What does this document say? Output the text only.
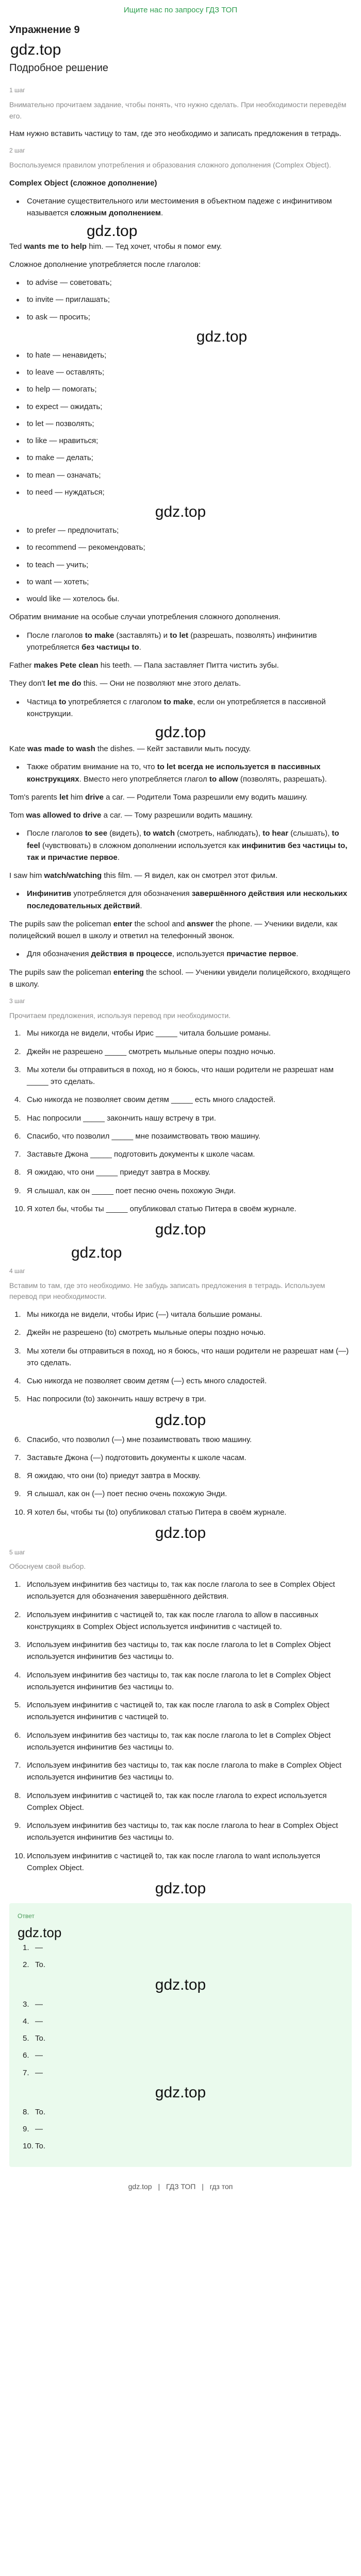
Ищите нас по запросу ГДЗ ТОП
Упражнение 9
gdz.top
Подробное решение
1 шаг

Внимательно прочитаем задание, чтобы понять, что нужно сделать. При необходимости переведём его.

Нам нужно вставить частицу to там, где это необходимо и записать предложения в тетрадь.

2 шаг

Воспользуемся правилом употребления и образования сложного дополнения (Complex Object).

Complex Object (сложное дополнение)

Сочетание существительного или местоимения в объектном падеже с инфинитивом называется сложным дополнением.
gdz.top

Ted wants me to help him. — Тед хочет, чтобы я помог ему.

Сложное дополнение употребляется после глаголов:

to advise — советовать;
to invite — приглашать;
to ask — просить;
gdz.top
to hate — ненавидеть;
to leave — оставлять;
to help — помогать;
to expect — ожидать;
to let — позволять;
to like — нравиться;
to make — делать;
to mean — означать;
to need — нуждаться;
gdz.top
to prefer — предпочитать;
to recommend — рекомендовать;
to teach — учить;
to want — хотеть;
would like — хотелось бы.

Обратим внимание на особые случаи употребления сложного дополнения.

После глаголов to make (заставлять) и to let (разрешать, позволять) инфинитив употребляется без частицы to.

Father makes Pete clean his teeth. — Папа заставляет Питта чистить зубы.

They don't let me do this. — Они не позволяют мне этого делать.

Частица to употребляется с глаголом to make, если он употребляется в пассивной конструкции.
gdz.top

Kate was made to wash the dishes. — Кейт заставили мыть посуду.

Также обратим внимание на то, что to let всегда не используется в пассивных конструкциях. Вместо него употребляется глагол to allow (позволять, разрешать).

Tom's parents let him drive a car. — Родители Тома разрешили ему водить машину.

Tom was allowed to drive a car. — Тому разрешили водить машину.

После глаголов to see (видеть), to watch (смотреть, наблюдать), to hear (слышать), to feel (чувствовать) в сложном дополнении используется как инфинитив без частицы to, так и причастие первое.

I saw him watch/watching this film. — Я видел, как он смотрел этот фильм.

Инфинитив употребляется для обозначения завершённого действия или нескольких последовательных действий.

The pupils saw the policeman enter the school and answer the phone. — Ученики видели, как полицейский вошел в школу и ответил на телефонный звонок.

Для обозначения действия в процессе, используется причастие первое.

The pupils saw the policeman entering the school. — Ученики увидели полицейского, входящего в школу.

3 шаг

Прочитаем предложения, используя перевод при необходимости.

1. Мы никогда не видели, чтобы Ирис _____ читала большие романы.
2. Джейн не разрешено _____ смотреть мыльные оперы поздно ночью.
3. Мы хотели бы отправиться в поход, но я боюсь, что наши родители не разрешат нам _____ это сделать.
4. Сью никогда не позволяет своим детям _____ есть много сладостей.
5. Нас попросили _____ закончить нашу встречу в три.
6. Спасибо, что позволил _____ мне позаимствовать твою машину.
7. Заставьте Джона _____ подготовить документы к школе часам.
8. Я ожидаю, что они _____ приедут завтра в Москву.
9. Я слышал, как он _____ поет песню очень похожую Энди.
10. Я хотел бы, чтобы ты _____ опубликовал статью Питера в своём журнале.
gdz.top
gdz.top
4 шаг

Вставим to там, где это необходимо. Не забудь записать предложения в тетрадь. Используем перевод при необходимости.

1. Мы никогда не видели, чтобы Ирис (—) читала большие романы.
2. Джейн не разрешено (to) смотреть мыльные оперы поздно ночью.
3. Мы хотели бы отправиться в поход, но я боюсь, что наши родители не разрешат нам (—) это сделать.
4. Сью никогда не позволяет своим детям (—) есть много сладостей.
5. Нас попросили (to) закончить нашу встречу в три.
gdz.top
6. Спасибо, что позволил (—) мне позаимствовать твою машину.
7. Заставьте Джона (—) подготовить документы к школе часам.
8. Я ожидаю, что они (to) приедут завтра в Москву.
9. Я слышал, как он (—) поет песню очень похожую Энди.
10. Я хотел бы, чтобы ты (to) опубликовал статью Питера в своём журнале.
gdz.top
5 шаг

Обоснуем свой выбор.

1. Используем инфинитив без частицы to, так как после глагола to see в Complex Object используется для обозначения завершённого действия.
2. Используем инфинитив с частицей to, так как после глагола to allow в пассивных конструкциях в Complex Object используется инфинитив с частицей to.
3. Используем инфинитив без частицы to, так как после глагола to let в Complex Object используется инфинитив без частицы to.
4. Используем инфинитив без частицы to, так как после глагола to let в Complex Object используется инфинитив без частицы to.
5. Используем инфинитив с частицей to, так как после глагола to ask в Complex Object используется инфинитив с частицей to.
6. Используем инфинитив без частицы to, так как после глагола to let в Complex Object используется инфинитив без частицы to.
7. Используем инфинитив без частицы to, так как после глагола to make в Complex Object используется инфинитив без частицы to.
8. Используем инфинитив с частицей to, так как после глагола to expect используется Complex Object.
9. Используем инфинитив без частицы to, так как после глагола to hear в Complex Object используется инфинитив без частицы to.
10. Используем инфинитив с частицей to, так как после глагола to want используется Complex Object.
gdz.top
Ответ
gdz.top
1. —
2. To.
gdz.top
3. —
4. —
5. To.
6. —
7. —
gdz.top
8. To.
9. —
10. To.
gdz.top | ГДЗ ТОП | гдз топ
